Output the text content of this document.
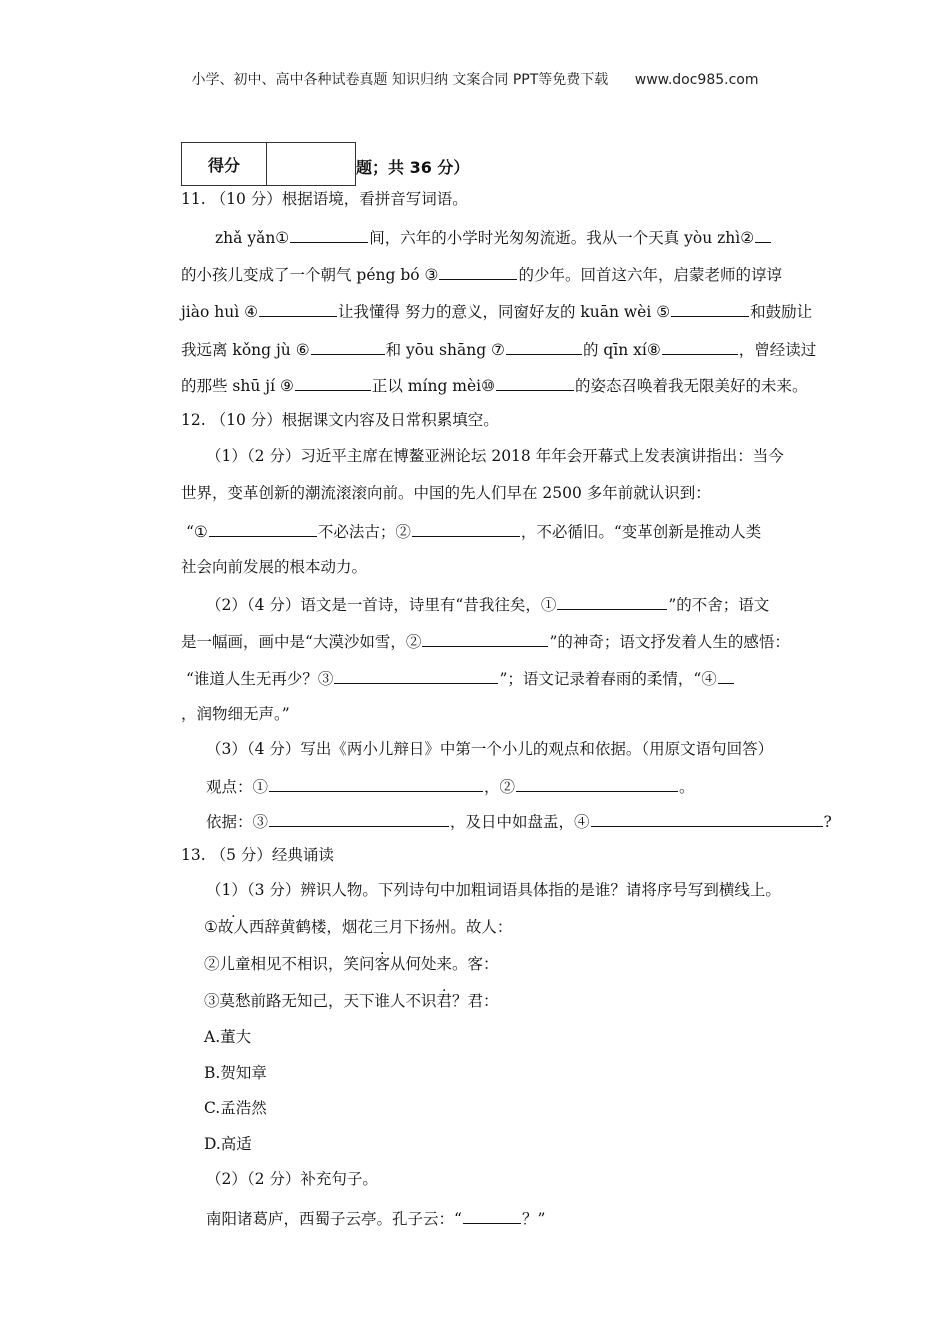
小学、初中、高中各种试卷真题 知识归纳 文案合同 PPT等免费下载 www.doc985.com
得分		题；共 36 分）
11. （10 分）根据语境，看拼音写词语。
zhǎ yǎn①	间，六年的小学时光匆匆流逝。我从一个天真 yòu zhì②
的小孩儿变成了一个朝气 péng bó ③	的少年。回首这六年，启蒙老师的谆谆
jiào huì ④	让我懂得 努力的意义，同窗好友的 kuān wèi ⑤	和鼓励让
我远离 kǒng jù ⑥	和 yōu shāng ⑦	的 qīn xí⑧	，曾经读过
的那些 shū jí ⑨	正以 míng mèi⑩	的姿态召唤着我无限美好的未来。
12. （10 分）根据课文内容及日常积累填空。
（1）（2 分）习近平主席在博鳌亚洲论坛 2018 年年会开幕式上发表演讲指出：当今
世界，变革创新的潮流滚滚向前。中国的先人们早在 2500 多年前就认识到：
“①	不必法古；②	，不必循旧。“变革创新是推动人类
社会向前发展的根本动力。
（2）（4 分）语文是一首诗，诗里有“昔我往矣，①	”的不舍；语文
是一幅画，画中是“大漠沙如雪，②	”的神奇；语文抒发着人生的感悟：
“谁道人生无再少？③	”；语文记录着春雨的柔情，“④
，润物细无声。”
（3）（4 分）写出《两小儿辩日》中第一个小儿的观点和依据。（用原文语句回答）
观点：①	，②	。
依据：③	，及日中如盘盂，④	?
13. （5 分）经典诵读
（1）（3 分）辨识人物。下列诗句中加粗词语具体指的是谁？请将序号写到横线上。
①故人西辞黄鹤楼，烟花三月下扬州。故人：
②儿童相见不相识，笑问客从何处来。客：
③莫愁前路无知己，天下谁人不识君？君：
A.董大
B.贺知章
C.孟浩然
D.高适
（2）（2 分）补充句子。
南阳诸葛庐，西蜀子云亭。孔子云：“	？”
